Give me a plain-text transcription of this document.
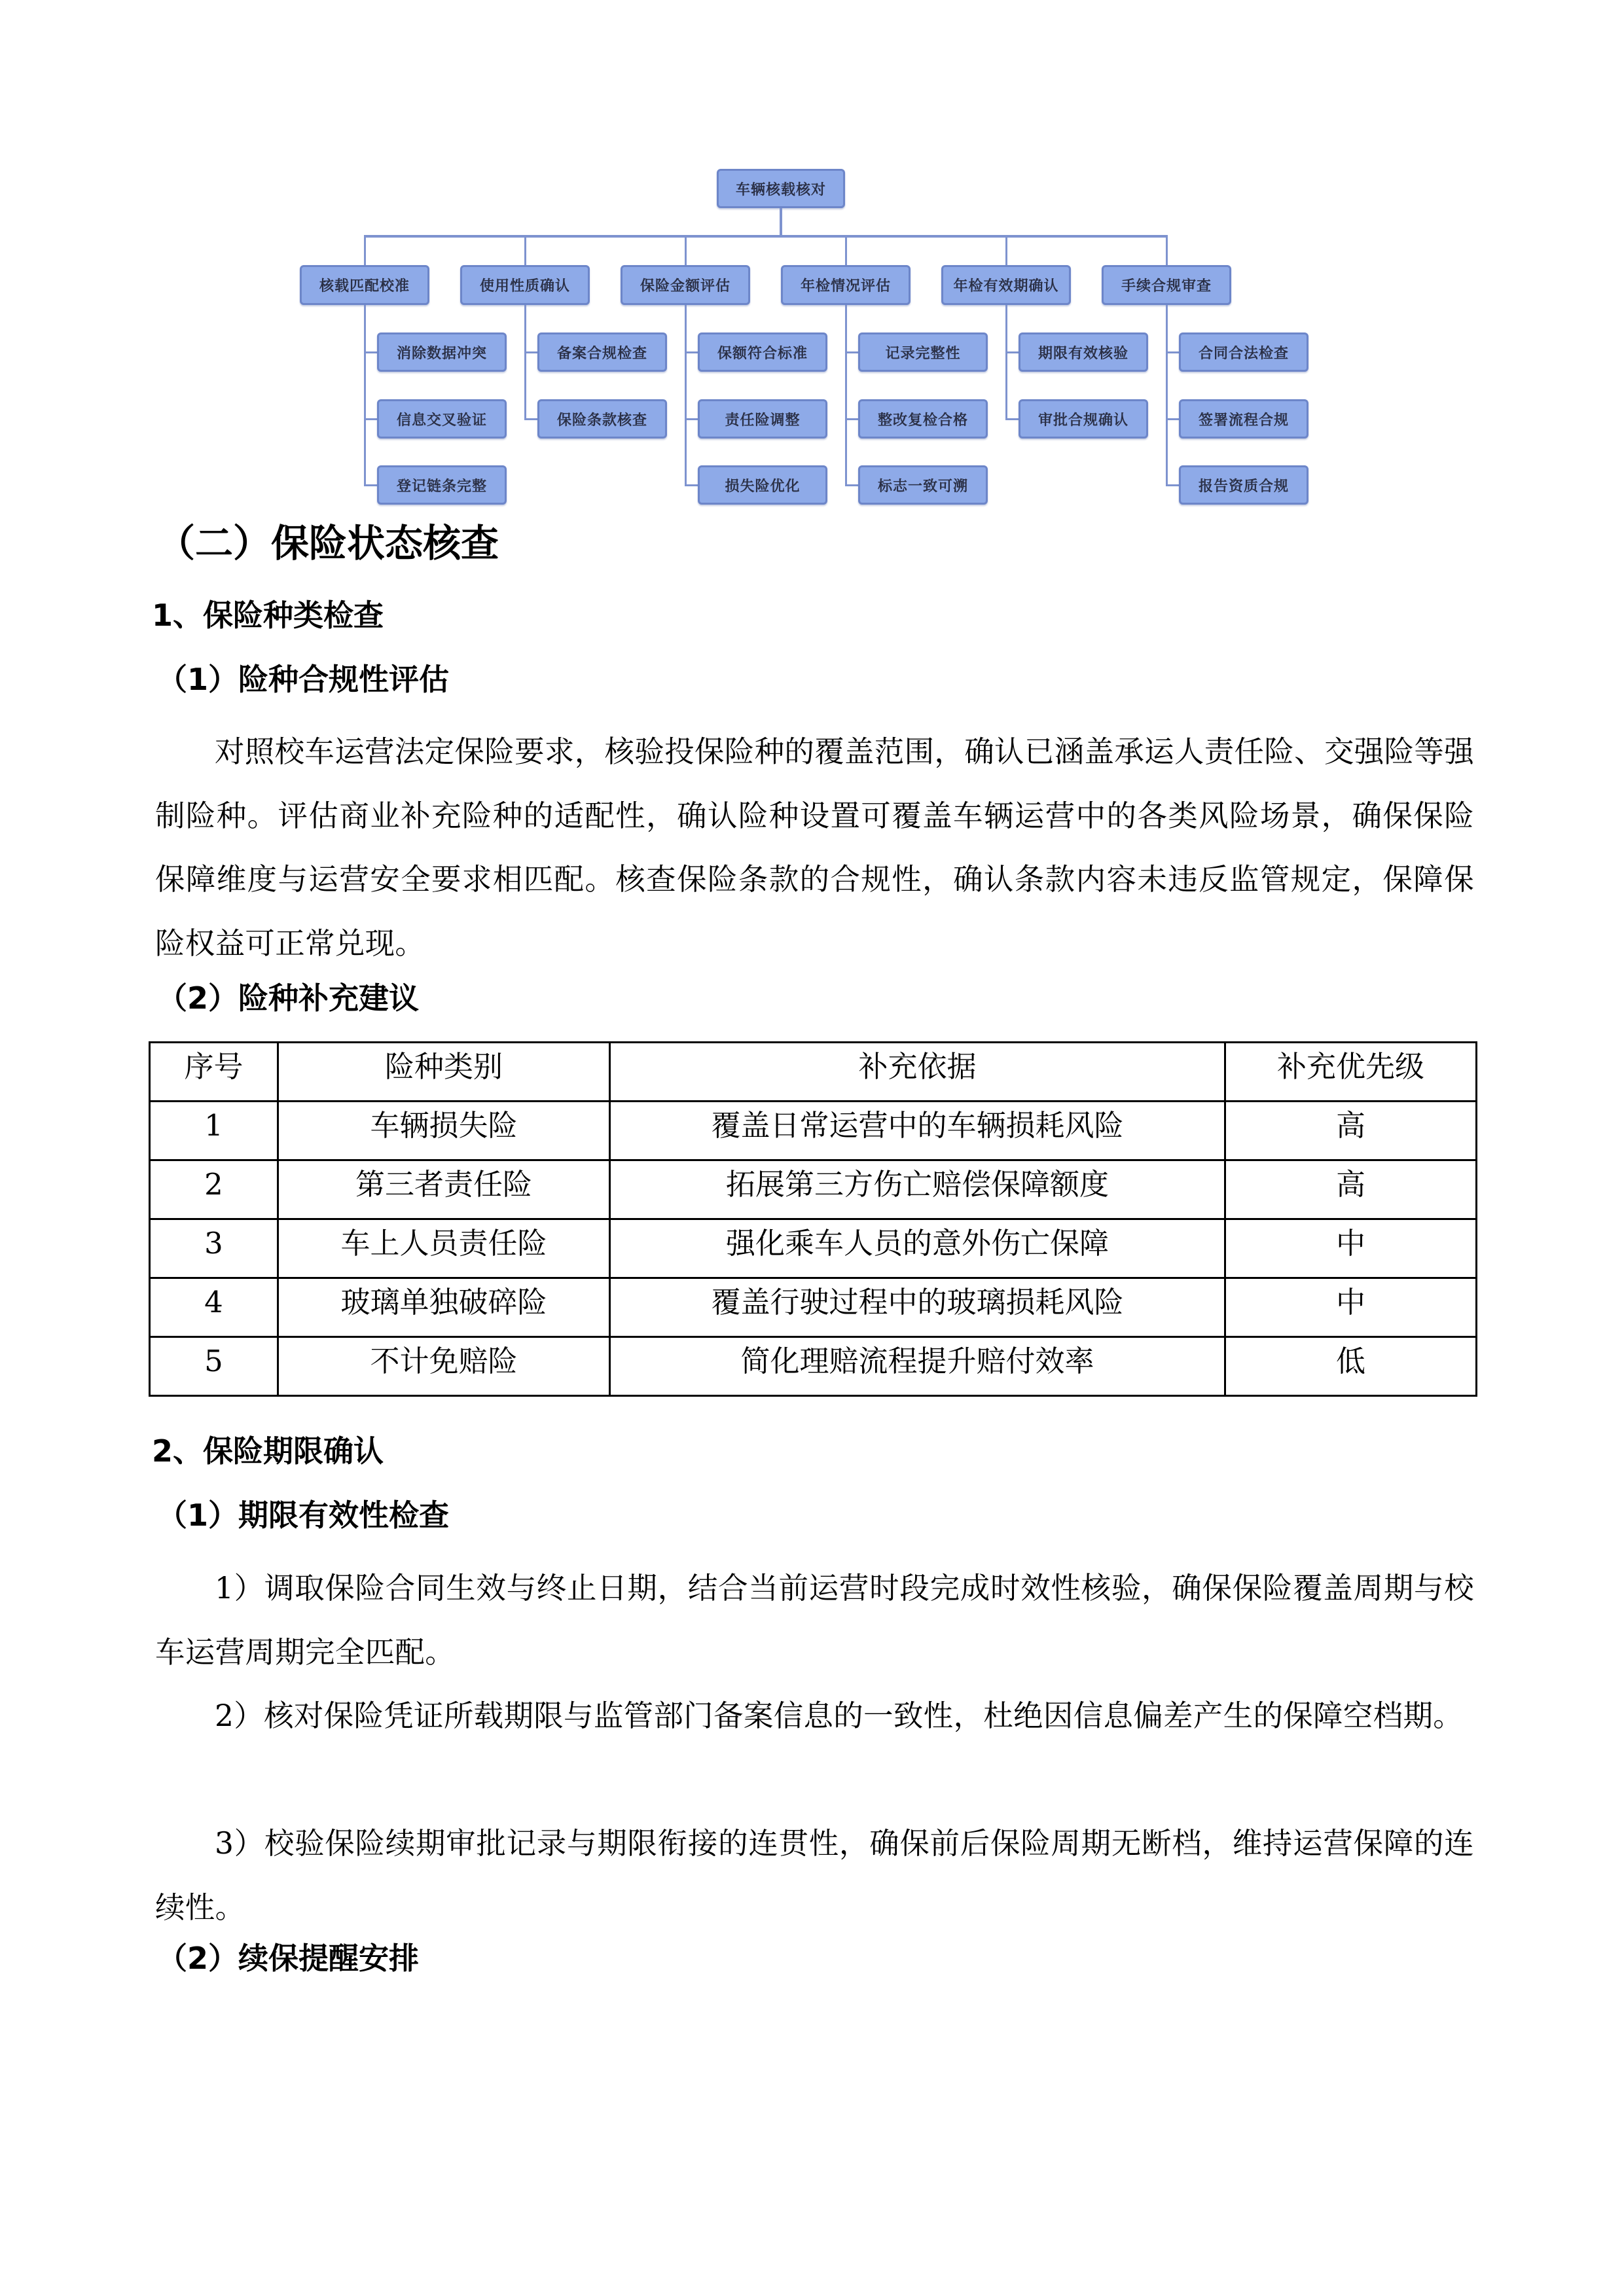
车辆核载核对
核载匹配校准
消除数据冲突
信息交叉验证
登记链条完整
使用性质确认
备案合规检查
保险条款核查
保险金额评估
保额符合标准
责任险调整
损失险优化
年检情况评估
记录完整性
整改复检合格
标志一致可溯
年检有效期确认
期限有效核验
审批合规确认
手续合规审查
合同合法检查
签署流程合规
报告资质合规
（二）保险状态核查
1、保险种类检查
（1）险种合规性评估
对照校车运营法定保险要求，核验投保险种的覆盖范围，确认已涵盖承运人责任险、交强险等强制险种。评估商业补充险种的适配性，确认险种设置可覆盖车辆运营中的各类风险场景，确保保险保障维度与运营安全要求相匹配。核查保险条款的合规性，确认条款内容未违反监管规定，保障保险权益可正常兑现。
（2）险种补充建议
序号	险种类别	补充依据	补充优先级
1	车辆损失险	覆盖日常运营中的车辆损耗风险	高
2	第三者责任险	拓展第三方伤亡赔偿保障额度	高
3	车上人员责任险	强化乘车人员的意外伤亡保障	中
4	玻璃单独破碎险	覆盖行驶过程中的玻璃损耗风险	中
5	不计免赔险	简化理赔流程提升赔付效率	低
2、保险期限确认
（1）期限有效性检查
1）调取保险合同生效与终止日期，结合当前运营时段完成时效性核验，确保保险覆盖周期与校车运营周期完全匹配。
2）核对保险凭证所载期限与监管部门备案信息的一致性，杜绝因信息偏差产生的保障空档期。
3）校验保险续期审批记录与期限衔接的连贯性，确保前后保险周期无断档，维持运营保障的连续性。
（2）续保提醒安排
